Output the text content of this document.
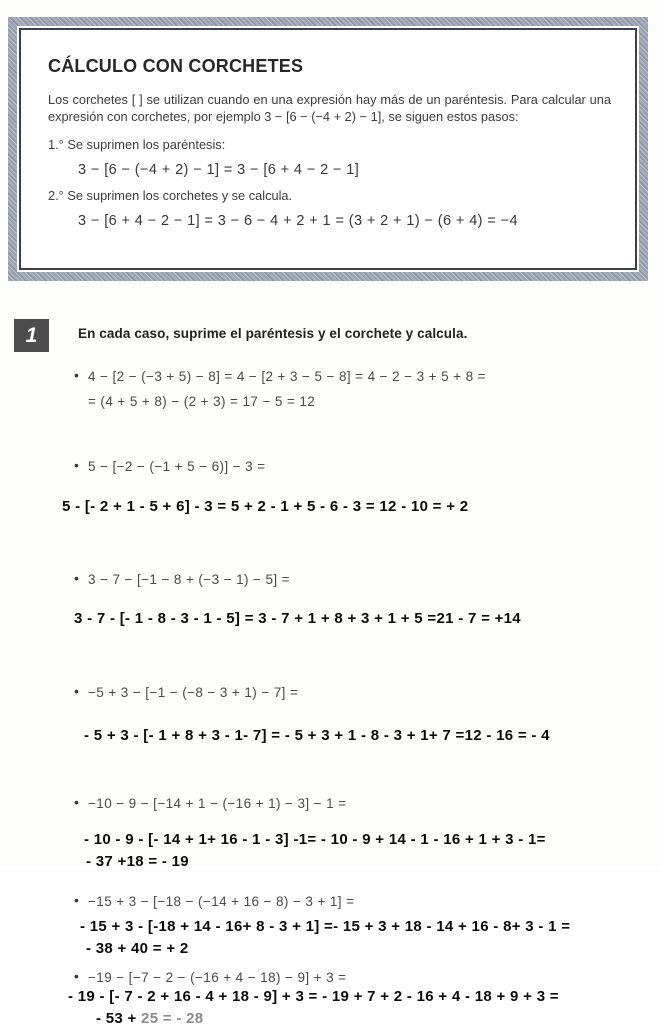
CÁLCULO CON CORCHETES
Los corchetes [ ] se utilizan cuando en una expresión hay más de un paréntesis. Para calcular una expresión con corchetes, por ejemplo 3 − [6 − (−4 + 2) − 1], se siguen estos pasos:
1.° Se suprimen los paréntesis:
3 − [6 − (−4 + 2) − 1] = 3 − [6 + 4 − 2 − 1]
2.° Se suprimen los corchetes y se calcula.
3 − [6 + 4 − 2 − 1] = 3 − 6 − 4 + 2 + 1 = (3 + 2 + 1) − (6 + 4) = −4
1	En cada caso, suprime el paréntesis y el corchete y calcula.
• 4 − [2 − (−3 + 5) − 8] = 4 − [2 + 3 − 5 − 8] = 4 − 2 − 3 + 5 + 8 =
= (4 + 5 + 8) − (2 + 3) = 17 − 5 = 12
• 5 − [−2 − (−1 + 5 − 6)] − 3 =
5 - [- 2 + 1 - 5 + 6] - 3 = 5 + 2 - 1 + 5 - 6 - 3 = 12 - 10 = + 2
• 3 − 7 − [−1 − 8 + (−3 − 1) − 5] =
3 - 7 - [- 1 - 8 - 3 - 1 - 5] = 3 - 7 + 1 + 8 + 3 + 1 + 5 =21 - 7 = +14
• −5 + 3 − [−1 − (−8 − 3 + 1) − 7] =
- 5 + 3 - [- 1 + 8 + 3 - 1- 7] = - 5 + 3 + 1 - 8 - 3 + 1+ 7 =12 - 16 = - 4
• −10 − 9 − [−14 + 1 − (−16 + 1) − 3] − 1 =
- 10 - 9 - [- 14 + 1+ 16 - 1 - 3] -1= - 10 - 9 + 14 - 1 - 16 + 1 + 3 - 1=
- 37 +18 = - 19
• −15 + 3 − [−18 − (−14 + 16 − 8) − 3 + 1] =
- 15 + 3 - [-18 + 14 - 16+ 8 - 3 + 1] =- 15 + 3 + 18 - 14 + 16 - 8+ 3 - 1 =
- 38 + 40 = + 2
• −19 − [−7 − 2 − (−16 + 4 − 18) − 9] + 3 =
- 19 - [- 7 - 2 + 16 - 4 + 18 - 9] + 3 = - 19 + 7 + 2 - 16 + 4 - 18 + 9 + 3 =
- 53 + 25 = - 28
